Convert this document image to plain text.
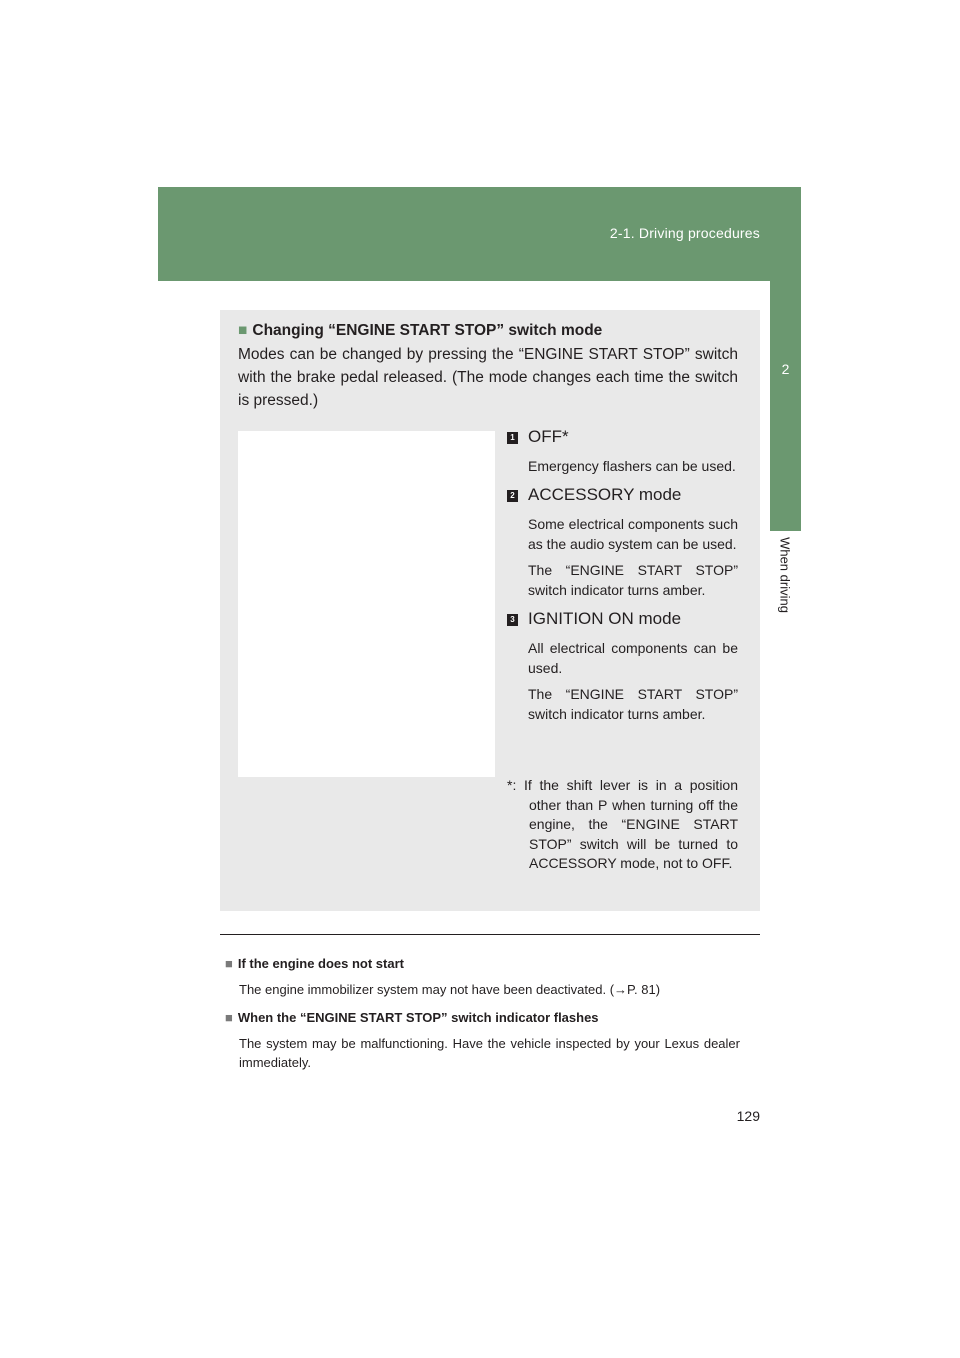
2-1. Driving procedures
2
When driving
■ Changing “ENGINE START STOP” switch mode
Modes can be changed by pressing the “ENGINE START STOP” switch with the brake pedal released. (The mode changes each time the switch is pressed.)
1 OFF*
Emergency flashers can be used.
2 ACCESSORY mode
Some electrical components such as the audio system can be used.
The “ENGINE START STOP” switch indicator turns amber.
3 IGNITION ON mode
All electrical components can be used.
The “ENGINE START STOP” switch indicator turns amber.
*: If the shift lever is in a position other than P when turning off the engine, the “ENGINE START STOP” switch will be turned to ACCESSORY mode, not to OFF.
■ If the engine does not start
The engine immobilizer system may not have been deactivated. (→P. 81)
■ When the “ENGINE START STOP” switch indicator flashes
The system may be malfunctioning. Have the vehicle inspected by your Lexus dealer immediately.
129
